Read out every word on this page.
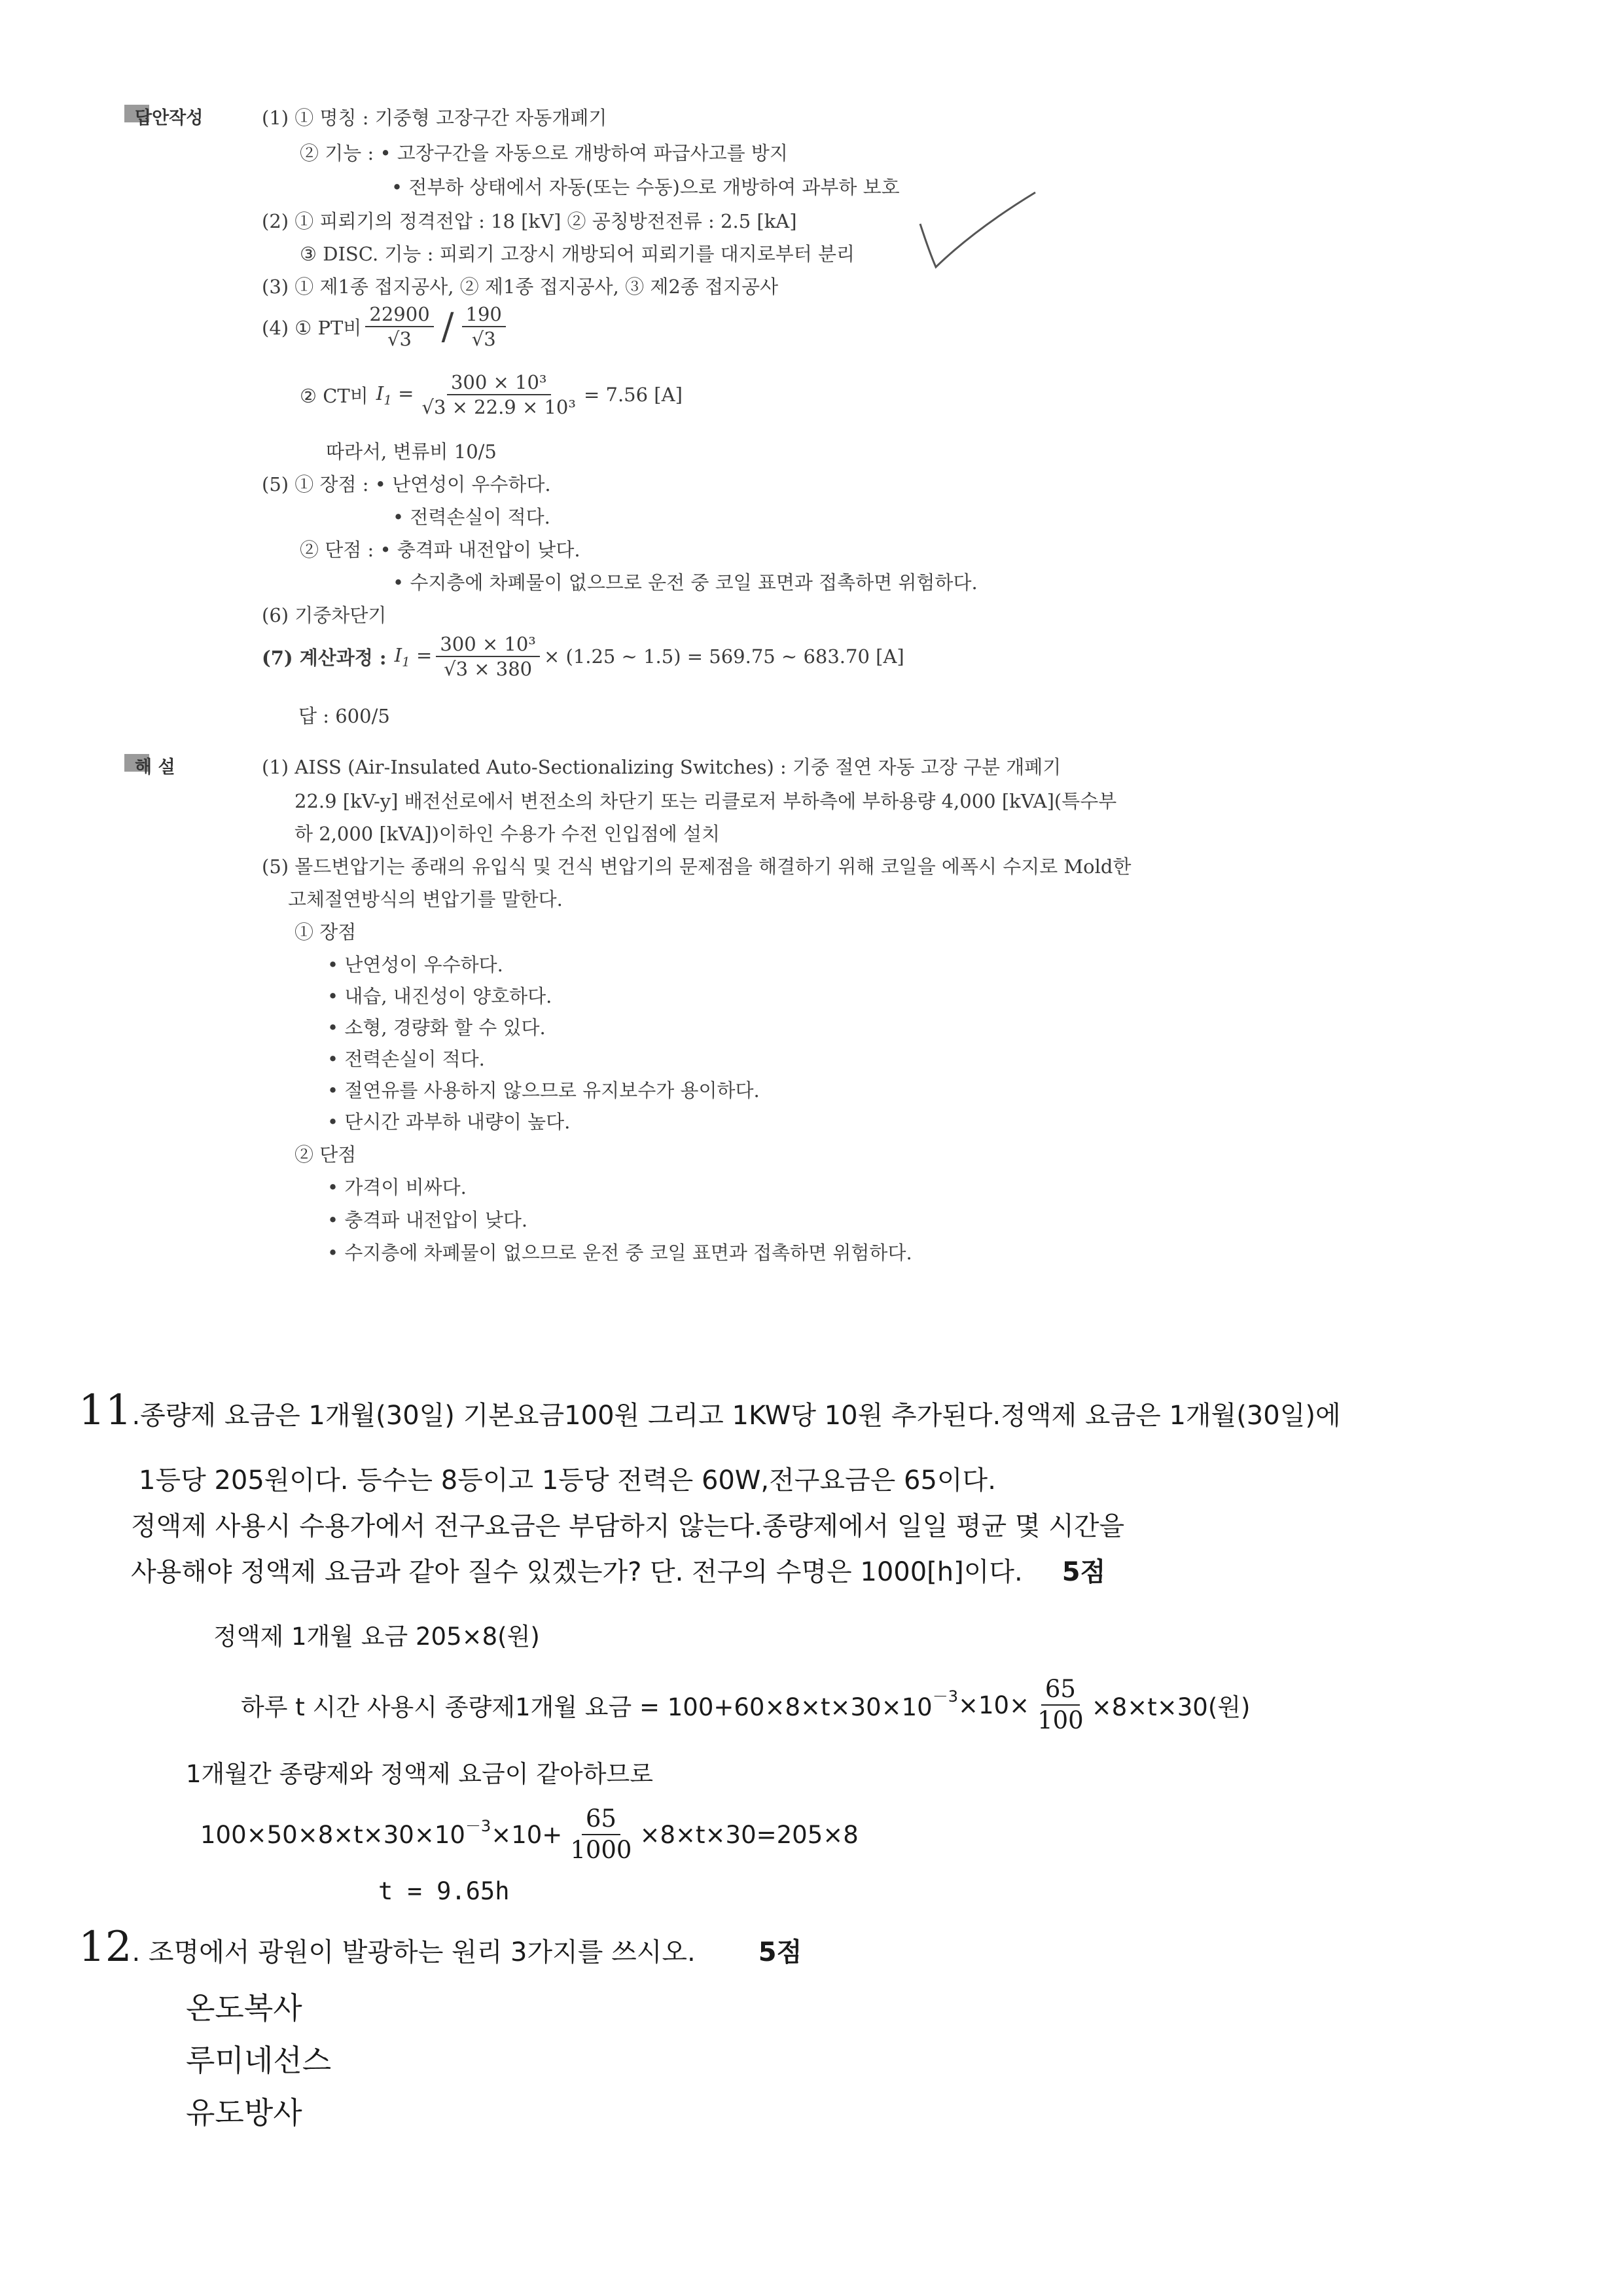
답안작성	(1) ① 명칭 : 기중형 고장구간 자동개폐기
② 기능 : • 고장구간을 자동으로 개방하여 파급사고를 방지
• 전부하 상태에서 자동(또는 수동)으로 개방하여 과부하 보호
(2) ① 피뢰기의 정격전압 : 18 [kV] ② 공칭방전전류 : 2.5 [kA]
③ DISC. 기능 : 피뢰기 고장시 개방되어 피뢰기를 대지로부터 분리
(3) ① 제1종 접지공사, ② 제1종 접지공사, ③ 제2종 접지공사
(4) ① PT비 $\frac{22900}{√3} / \frac{190}{√3}$
② CT비 $I_1 = \frac{\text{300 × 10³}}{\text{√3 × 22.9 × 10³}} = 7.56$ [A]
따라서, 변류비 10/5
(5) ① 장점 : • 난연성이 우수하다.
• 전력손실이 적다.
② 단점 : • 충격파 내전압이 낮다.
• 수지층에 차폐물이 없으므로 운전 중 코일 표면과 접촉하면 위험하다.
(6) 기중차단기
(7) 계산과정 : $I_1 = \frac{\text{300 × 10³}}{√3 \times 380} \times (1.25$ ~ 1.5) = 569.75 ~ 683.70 [A]
답 : 600/5
해 설	(1) AISS (Air-Insulated Auto-Sectionalizing Switches) : 기중 절연 자동 고장 구분 개폐기
22.9 [kV-y] 배전선로에서 변전소의 차단기 또는 리클로저 부하측에 부하용량 4,000 [kVA](특수부
하 2,000 [kVA])이하인 수용가 수전 인입점에 설치
(5) 몰드변압기는 종래의 유입식 및 건식 변압기의 문제점을 해결하기 위해 코일을 에폭시 수지로 Mold한
고체절연방식의 변압기를 말한다.
① 장점
• 난연성이 우수하다.
• 내습, 내진성이 양호하다.
• 소형, 경량화 할 수 있다.
• 전력손실이 적다.
• 절연유를 사용하지 않으므로 유지보수가 용이하다.
• 단시간 과부하 내량이 높다.
② 단점
• 가격이 비싸다.
• 충격파 내전압이 낮다.
• 수지층에 차폐물이 없으므로 운전 중 코일 표면과 접촉하면 위험하다.
11 .종량제 요금은 1개월(30일) 기본요금100원 그리고 1KW당 10원 추가된다.정액제 요금은 1개월(30일)에
1등당 205원이다. 등수는 8등이고 1등당 전력은 60W,전구요금은 65이다.
정액제 사용시 수용가에서 전구요금은 부담하지 않는다.종량제에서 일일 평균 몇 시간을
사용해야 정액제 요금과 같아 질수 있겠는가? 단. 전구의 수명은 1000[h]이다. 5점
정액제 1개월 요금 205×8(원)
하루 t 시간 사용시 종량제1개월 요금 = $100+60\times 8\times t\times 30\times 10 -3 \times 10\times \frac{65}{100} \times 8\times t\times 30$(원)
1개월간 종량제와 정액제 요금이 같아하므로
$100\times 50\times 8\times t\times 30\times 10 -3 \times 10+ \frac{65}{1000} \times 8\times t\times 30=205\times 8$
t = 9.65h
12 . 조명에서 광원이 발광하는 원리 3가지를 쓰시오. 5점
온도복사
루미네선스
유도방사
